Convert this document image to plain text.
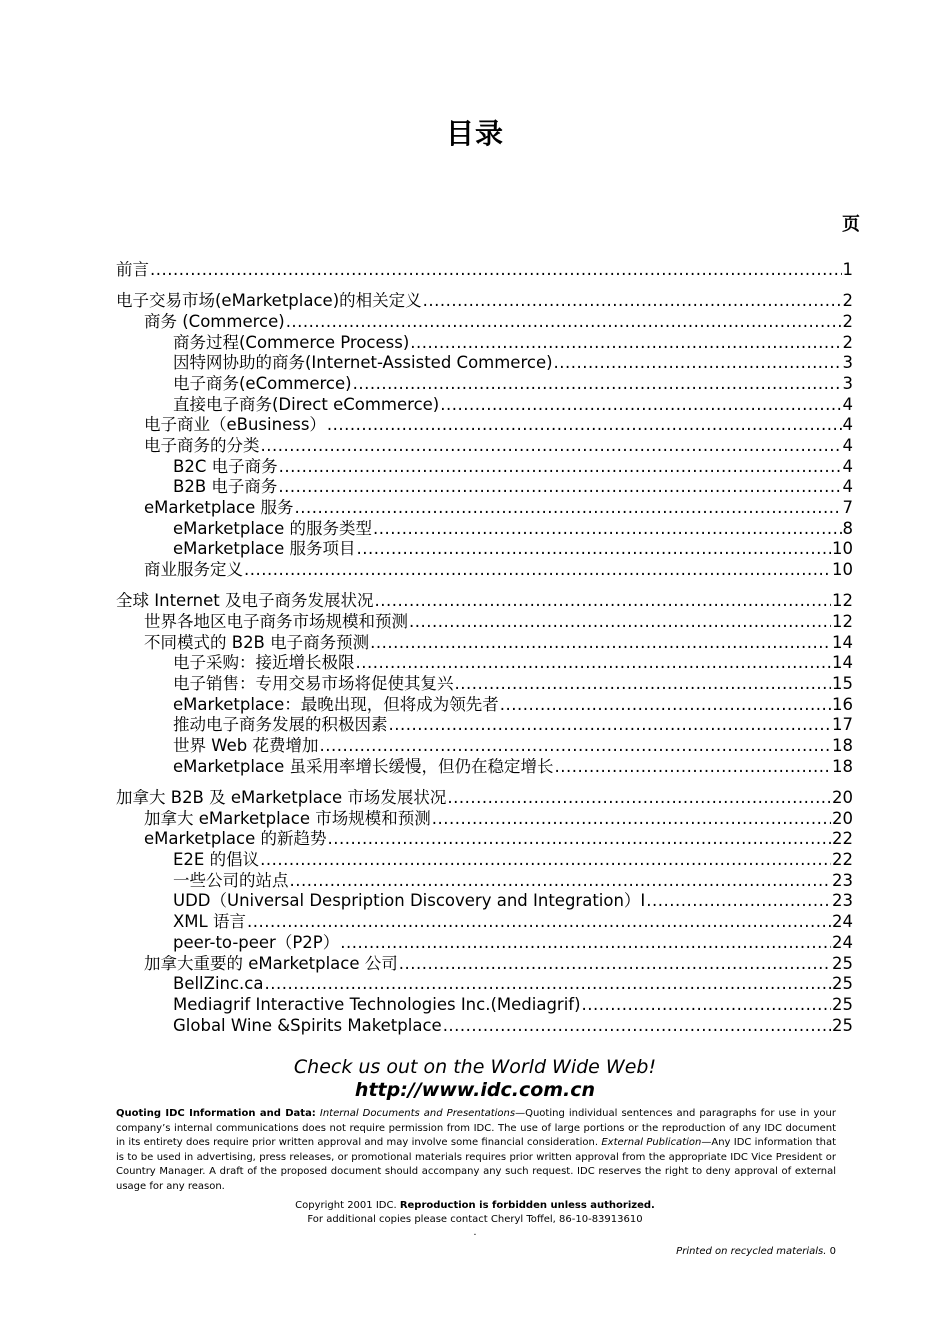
目录
页
前言 .....	1
电子交易市场(eMarketplace)的相关定义 .....	2
商务 (Commerce) .....	2
商务过程(Commerce Process) .....	2
因特网协助的商务(Internet-Assisted Commerce) .....	3
电子商务(eCommerce) .....	3
直接电子商务(Direct eCommerce) .....	4
电子商业（eBusiness） .....	4
电子商务的分类 .....	4
B2C 电子商务 .....	4
B2B 电子商务 .....	4
eMarketplace 服务 .....	7
eMarketplace 的服务类型 .....	8
eMarketplace 服务项目 .....	10
商业服务定义 .....	10
全球 Internet 及电子商务发展状况 .....	12
世界各地区电子商务市场规模和预测 .....	12
不同模式的 B2B 电子商务预测 .....	14
电子采购：接近增长极限 .....	14
电子销售：专用交易市场将促使其复兴 .....	15
eMarketplace：最晚出现，但将成为领先者 .....	16
推动电子商务发展的积极因素 .....	17
世界 Web 花费增加 .....	18
eMarketplace 虽采用率增长缓慢，但仍在稳定增长 .....	18
加拿大 B2B 及 eMarketplace 市场发展状况 .....	20
加拿大 eMarketplace 市场规模和预测 .....	20
eMarketplace 的新趋势 .....	22
E2E 的倡议 .....	22
一些公司的站点 .....	23
UDD（Universal Despription Discovery and Integration）I .....	23
XML 语言 .....	24
peer-to-peer（P2P） .....	24
加拿大重要的 eMarketplace 公司 .....	25
BellZinc.ca .....	25
Mediagrif Interactive Technologies Inc.(Mediagrif) .....	25
Global Wine &Spirits Maketplace .....	25
Check us out on the World Wide Web!
http://www.idc.com.cn
Quoting IDC Information and Data: Internal Documents and Presentations—Quoting individual sentences and paragraphs for use in your company’s internal communications does not require permission from IDC. The use of large portions or the reproduction of any IDC document in its entirety does require prior written approval and may involve some financial consideration. External Publication—Any IDC information that is to be used in advertising, press releases, or promotional materials requires prior written approval from the appropriate IDC Vice President or Country Manager. A draft of the proposed document should accompany any such request. IDC reserves the right to deny approval of external usage for any reason.
Copyright 2001 IDC. Reproduction is forbidden unless authorized.
For additional copies please contact Cheryl Toffel, 86-10-83913610
.
Printed on recycled materials. 0
